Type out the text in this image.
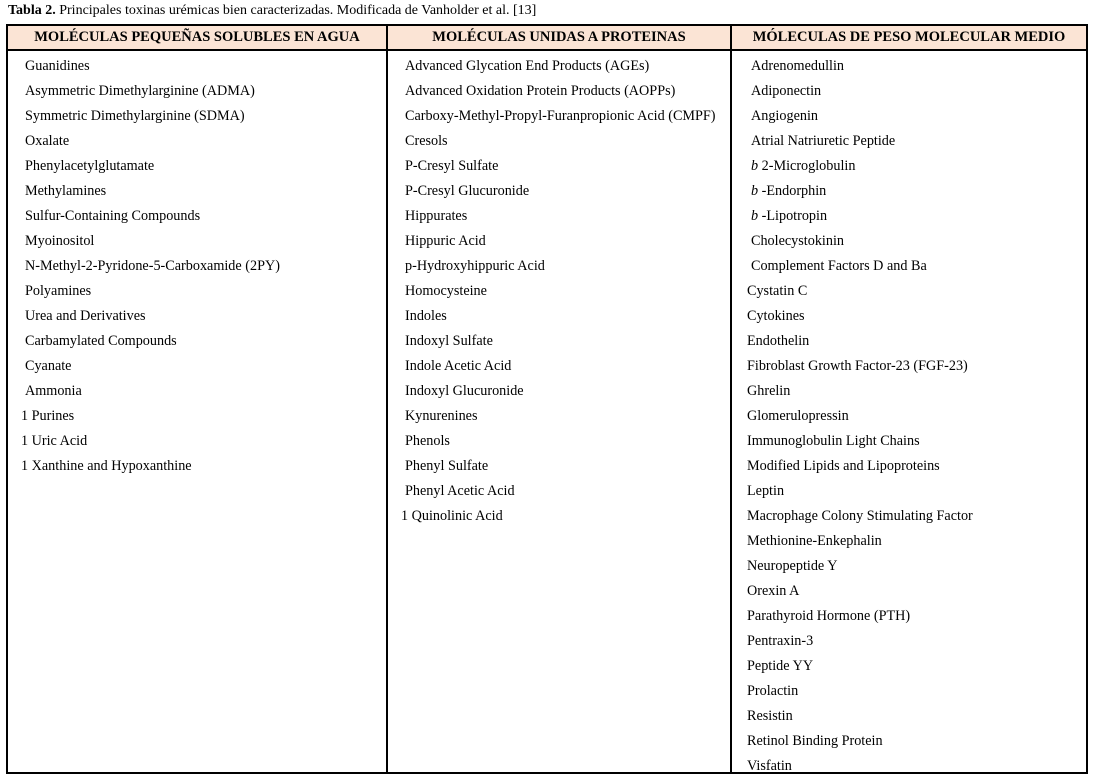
Tabla 2. Principales toxinas urémicas bien caracterizadas. Modificada de Vanholder et al. [13]
MOLÉCULAS PEQUEÑAS SOLUBLES EN AGUA
Guanidines
Asymmetric Dimethylarginine (ADMA)
Symmetric Dimethylarginine (SDMA)
Oxalate
Phenylacetylglutamate
Methylamines
Sulfur-Containing Compounds
Myoinositol
N-Methyl-2-Pyridone-5-Carboxamide (2PY)
Polyamines
Urea and Derivatives
Carbamylated Compounds
Cyanate
Ammonia
1 Purines
1 Uric Acid
1 Xanthine and Hypoxanthine
MOLÉCULAS UNIDAS A PROTEINAS
Advanced Glycation End Products (AGEs)
Advanced Oxidation Protein Products (AOPPs)
Carboxy-Methyl-Propyl-Furanpropionic Acid (CMPF)
Cresols
P-Cresyl Sulfate
P-Cresyl Glucuronide
Hippurates
Hippuric Acid
p-Hydroxyhippuric Acid
Homocysteine
Indoles
Indoxyl Sulfate
Indole Acetic Acid
Indoxyl Glucuronide
Kynurenines
Phenols
Phenyl Sulfate
Phenyl Acetic Acid
1 Quinolinic Acid
MÓLECULAS DE PESO MOLECULAR MEDIO
Adrenomedullin
Adiponectin
Angiogenin
Atrial Natriuretic Peptide
b 2-Microglobulin
b -Endorphin
b -Lipotropin
Cholecystokinin
Complement Factors D and Ba
Cystatin C
Cytokines
Endothelin
Fibroblast Growth Factor-23 (FGF-23)
Ghrelin
Glomerulopressin
Immunoglobulin Light Chains
Modified Lipids and Lipoproteins
Leptin
Macrophage Colony Stimulating Factor
Methionine-Enkephalin
Neuropeptide Y
Orexin A
Parathyroid Hormone (PTH)
Pentraxin-3
Peptide YY
Prolactin
Resistin
Retinol Binding Protein
Visfatin
